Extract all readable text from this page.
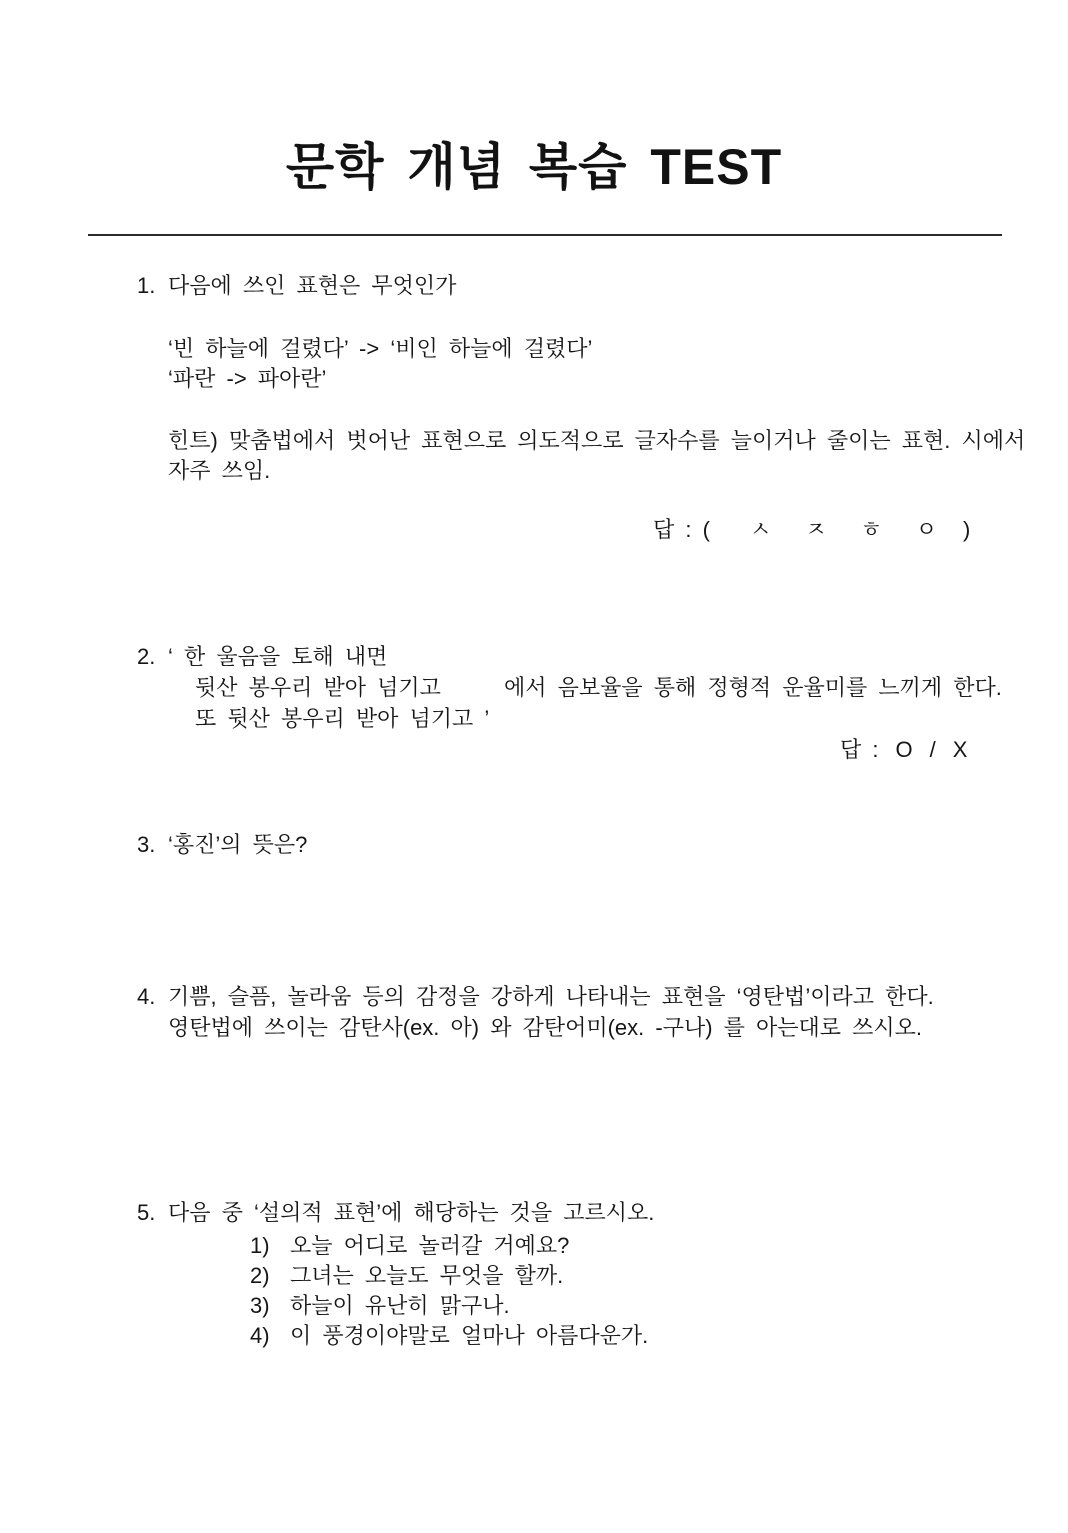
문학 개념 복습 TEST
1. 다음에 쓰인 표현은 무엇인가
‘빈 하늘에 걸렸다’ -> ‘비인 하늘에 걸렸다’
‘파란 -> 파아란’
힌트) 맞춤법에서 벗어난 표현으로 의도적으로 글자수를 늘이거나 줄이는 표현. 시에서
자주 쓰임.
답 : ( ㅅ ㅈ ㅎ ㅇ )
에서 음보율을 통해 정형적 운율미를 느끼게 한다.
2. ‘ 한 울음을 토해 내면
뒷산 봉우리 받아 넘기고
또 뒷산 봉우리 받아 넘기고 ’
답 : O / X
3. ‘홍진’의 뜻은?
4. 기쁨, 슬픔, 놀라움 등의 감정을 강하게 나타내는 표현을 ‘영탄법’이라고 한다.
영탄법에 쓰이는 감탄사(ex. 아) 와 감탄어미(ex. -구나) 를 아는대로 쓰시오.
5. 다음 중 ‘설의적 표현’에 해당하는 것을 고르시오.
1) 오늘 어디로 놀러갈 거예요?
2) 그녀는 오늘도 무엇을 할까.
3) 하늘이 유난히 맑구나.
4) 이 풍경이야말로 얼마나 아름다운가.
